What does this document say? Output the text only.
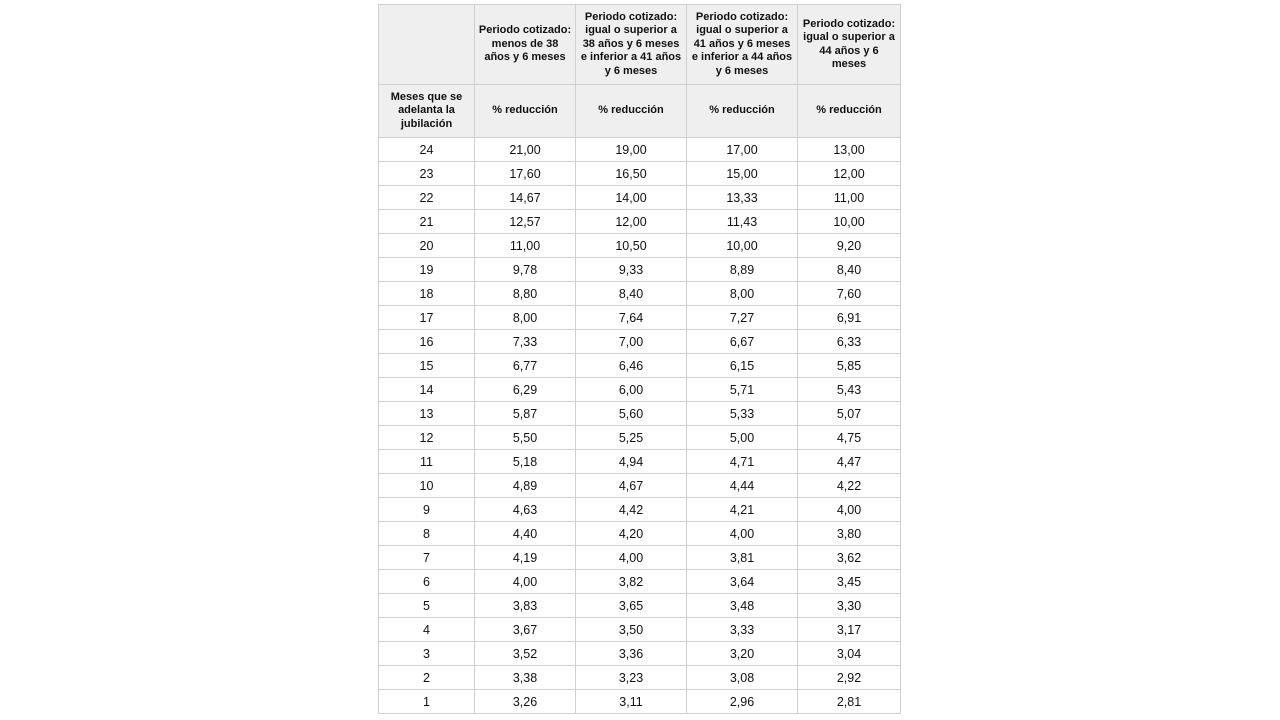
	Periodo cotizado: menos de 38 años y 6 meses	Periodo cotizado: igual o superior a 38 años y 6 meses e inferior a 41 años y 6 meses	Periodo cotizado: igual o superior a 41 años y 6 meses e inferior a 44 años y 6 meses	Periodo cotizado: igual o superior a 44 años y 6 meses
Meses que se adelanta la jubilación	% reducción	% reducción	% reducción	% reducción
24	21,00	19,00	17,00	13,00
23	17,60	16,50	15,00	12,00
22	14,67	14,00	13,33	11,00
21	12,57	12,00	11,43	10,00
20	11,00	10,50	10,00	9,20
19	9,78	9,33	8,89	8,40
18	8,80	8,40	8,00	7,60
17	8,00	7,64	7,27	6,91
16	7,33	7,00	6,67	6,33
15	6,77	6,46	6,15	5,85
14	6,29	6,00	5,71	5,43
13	5,87	5,60	5,33	5,07
12	5,50	5,25	5,00	4,75
11	5,18	4,94	4,71	4,47
10	4,89	4,67	4,44	4,22
9	4,63	4,42	4,21	4,00
8	4,40	4,20	4,00	3,80
7	4,19	4,00	3,81	3,62
6	4,00	3,82	3,64	3,45
5	3,83	3,65	3,48	3,30
4	3,67	3,50	3,33	3,17
3	3,52	3,36	3,20	3,04
2	3,38	3,23	3,08	2,92
1	3,26	3,11	2,96	2,81
